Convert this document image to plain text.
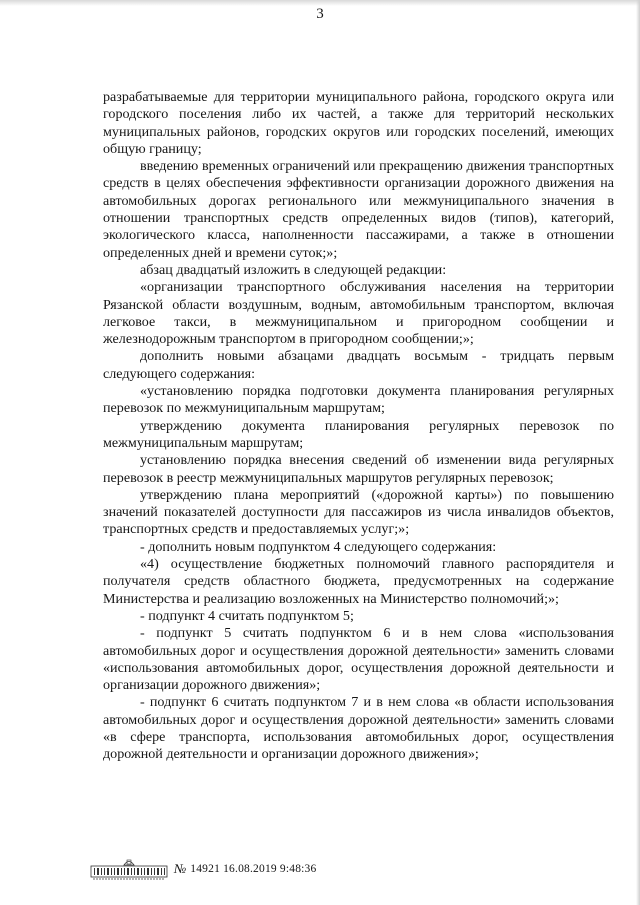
3

разрабатываемые для территории муниципального района, городского округа или городского поселения либо их частей, а также для территорий нескольких муниципальных районов, городских округов или городских поселений, имеющих общую границу;

введению временных ограничений или прекращению движения транспортных средств в целях обеспечения эффективности организации дорожного движения на автомобильных дорогах регионального или межмуниципального значения в отношении транспортных средств определенных видов (типов), категорий, экологического класса, наполненности пассажирами, а также в отношении определенных дней и времени суток;»;

абзац двадцатый изложить в следующей редакции:

«организации транспортного обслуживания населения на территории Рязанской области воздушным, водным, автомобильным транспортом, включая легковое такси, в межмуниципальном и пригородном сообщении и железнодорожным транспортом в пригородном сообщении;»;

дополнить новыми абзацами двадцать восьмым - тридцать первым следующего содержания:

«установлению порядка подготовки документа планирования регулярных перевозок по межмуниципальным маршрутам;

утверждению документа планирования регулярных перевозок по межмуниципальным маршрутам;

установлению порядка внесения сведений об изменении вида регулярных перевозок в реестр межмуниципальных маршрутов регулярных перевозок;

утверждению плана мероприятий («дорожной карты») по повышению значений показателей доступности для пассажиров из числа инвалидов объектов, транспортных средств и предоставляемых услуг;»;

- дополнить новым подпунктом 4 следующего содержания:

«4) осуществление бюджетных полномочий главного распорядителя и получателя средств областного бюджета, предусмотренных на содержание Министерства и реализацию возложенных на Министерство полномочий;»;

- подпункт 4 считать подпунктом 5;

- подпункт 5 считать подпунктом 6 и в нем слова «использования автомобильных дорог и осуществления дорожной деятельности» заменить словами «использования автомобильных дорог, осуществления дорожной деятельности и организации дорожного движения»;

- подпункт 6 считать подпунктом 7 и в нем слова «в области использования автомобильных дорог и осуществления дорожной деятельности» заменить словами «в сфере транспорта, использования автомобильных дорог, осуществления дорожной деятельности и организации дорожного движения»;

№ 14921 16.08.2019 9:48:36
